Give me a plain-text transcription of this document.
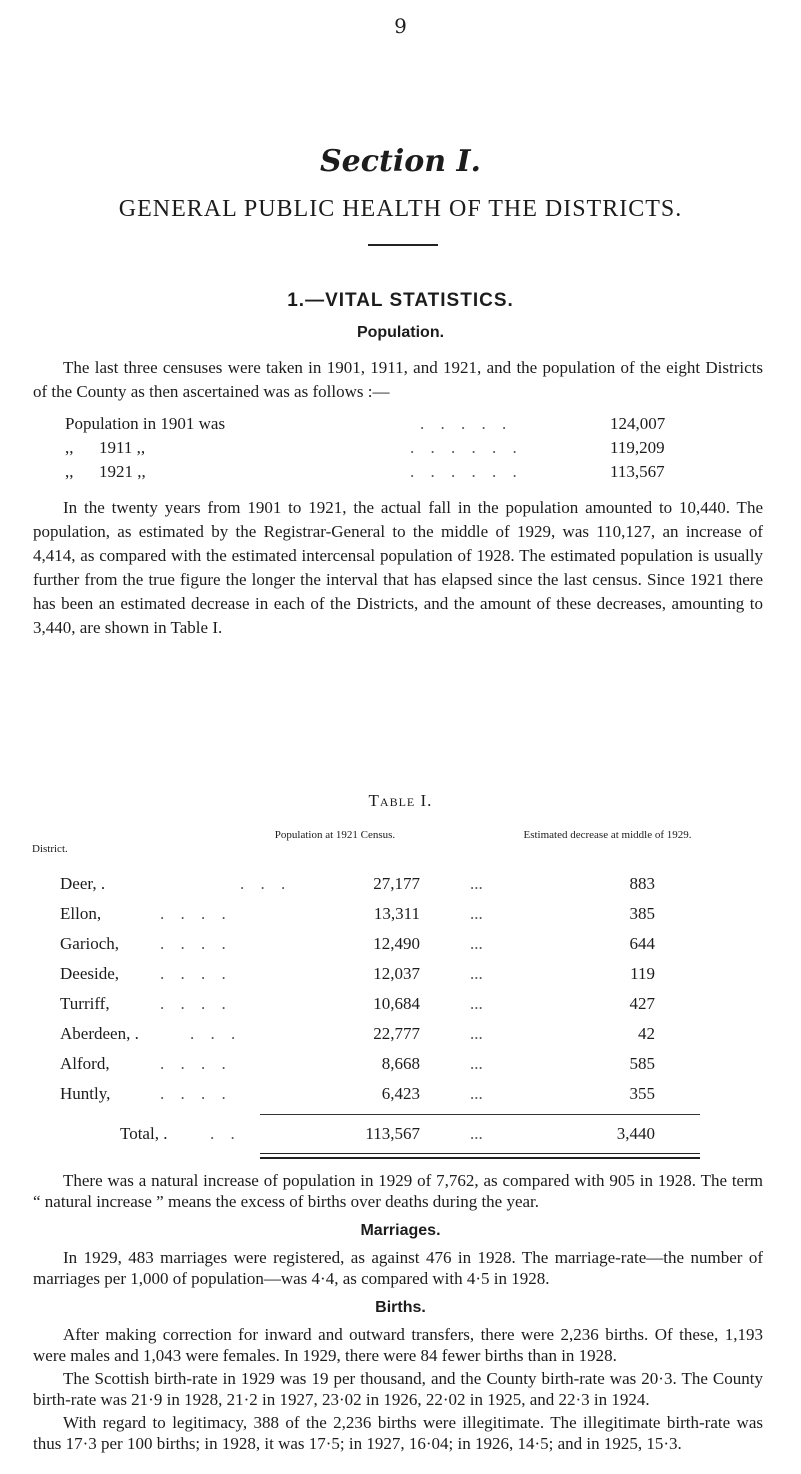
9
Section I.
GENERAL PUBLIC HEALTH OF THE DISTRICTS.
1.—VITAL STATISTICS.
Population.
The last three censuses were taken in 1901, 1911, and 1921, and the population of the eight Districts of the County as then ascertained was as follows :—
Population in 1901 was	. . . . .	124,007
,,      1911 ,,	. . . . . .	119,209
,,      1921 ,,	. . . . . .	113,567
In the twenty years from 1901 to 1921, the actual fall in the population amounted to 10,440. The population, as estimated by the Registrar-General to the middle of 1929, was 110,127, an increase of 4,414, as compared with the estimated intercensal population of 1928. The estimated population is usually further from the true figure the longer the interval that has elapsed since the last census. Since 1921 there has been an estimated decrease in each of the Districts, and the amount of these decreases, amounting to 3,440, are shown in Table I.
Table I.
District.
Population at 1921 Census.	Estimated decrease at middle of 1929.
Deer, .	. . .	27,177	...	883
Ellon,	. . . .	13,311	...	385
Garioch, . . . .	12,490	...	644
Deeside, . . . .	12,037	...	119
Turriff,	. . . .	10,684	...	427
Aberdeen, .	. . .	22,777	...	42
Alford,	. . . .	8,668	...	585
Huntly,	. . . .	6,423	...	355
Total, .	. .	113,567	...	3,440
There was a natural increase of population in 1929 of 7,762, as compared with 905 in 1928. The term “ natural increase ” means the excess of births over deaths during the year.
Marriages.
In 1929, 483 marriages were registered, as against 476 in 1928. The marriage-rate—the number of marriages per 1,000 of population—was 4·4, as compared with 4·5 in 1928.
Births.
After making correction for inward and outward transfers, there were 2,236 births. Of these, 1,193 were males and 1,043 were females. In 1929, there were 84 fewer births than in 1928.
The Scottish birth-rate in 1929 was 19 per thousand, and the County birth-rate was 20·3. The County birth-rate was 21·9 in 1928, 21·2 in 1927, 23·02 in 1926, 22·02 in 1925, and 22·3 in 1924.
With regard to legitimacy, 388 of the 2,236 births were illegitimate. The illegitimate birth-rate was thus 17·3 per 100 births; in 1928, it was 17·5; in 1927, 16·04; in 1926, 14·5; and in 1925, 15·3.
